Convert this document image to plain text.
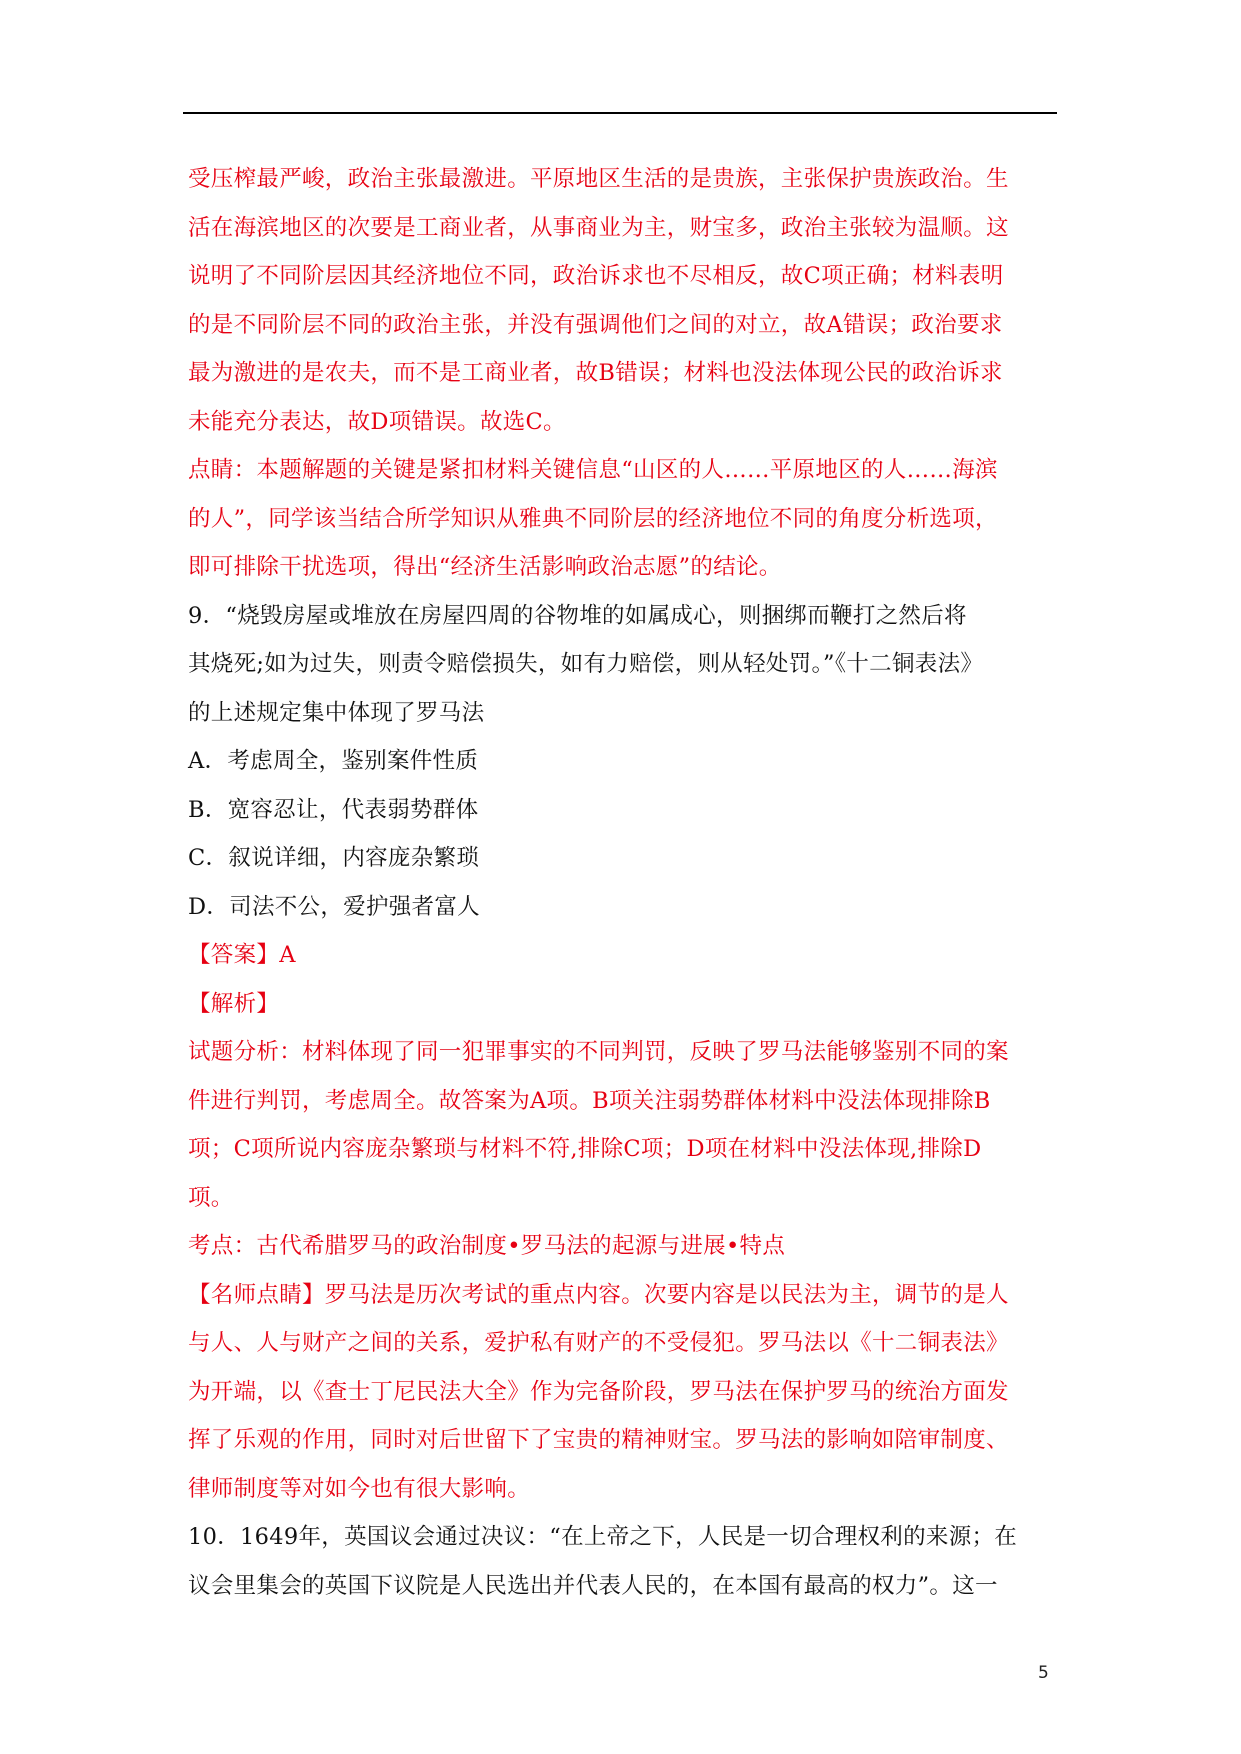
受压榨最严峻，政治主张最激进。平原地区生活的是贵族，主张保护贵族政治。生
活在海滨地区的次要是工商业者，从事商业为主，财宝多，政治主张较为温顺。这
说明了不同阶层因其经济地位不同，政治诉求也不尽相反，故C项正确；材料表明
的是不同阶层不同的政治主张，并没有强调他们之间的对立，故A错误；政治要求
最为激进的是农夫，而不是工商业者，故B错误；材料也没法体现公民的政治诉求
未能充分表达，故D项错误。故选C。
点睛：本题解题的关键是紧扣材料关键信息“山区的人……平原地区的人……海滨
的人”，同学该当结合所学知识从雅典不同阶层的经济地位不同的角度分析选项，
即可排除干扰选项，得出“经济生活影响政治志愿”的结论。
9．“烧毁房屋或堆放在房屋四周的谷物堆的如属成心，则捆绑而鞭打之然后将
其烧死;如为过失，则责令赔偿损失，如有力赔偿，则从轻处罚。”《十二铜表法》
的上述规定集中体现了罗马法
A．考虑周全，鉴别案件性质
B．宽容忍让，代表弱势群体
C．叙说详细，内容庞杂繁琐
D．司法不公，爱护强者富人
【答案】A
【解析】
试题分析：材料体现了同一犯罪事实的不同判罚，反映了罗马法能够鉴别不同的案
件进行判罚，考虑周全。故答案为A项。B项关注弱势群体材料中没法体现排除B
项；C项所说内容庞杂繁琐与材料不符,排除C项；D项在材料中没法体现,排除D
项。
考点：古代希腊罗马的政治制度•罗马法的起源与进展•特点
【名师点睛】罗马法是历次考试的重点内容。次要内容是以民法为主，调节的是人
与人、人与财产之间的关系，爱护私有财产的不受侵犯。罗马法以《十二铜表法》
为开端，以《查士丁尼民法大全》作为完备阶段，罗马法在保护罗马的统治方面发
挥了乐观的作用，同时对后世留下了宝贵的精神财宝。罗马法的影响如陪审制度、
律师制度等对如今也有很大影响。
10．1649年，英国议会通过决议：“在上帝之下，人民是一切合理权利的来源；在
议会里集会的英国下议院是人民选出并代表人民的，在本国有最高的权力”。这一
5
